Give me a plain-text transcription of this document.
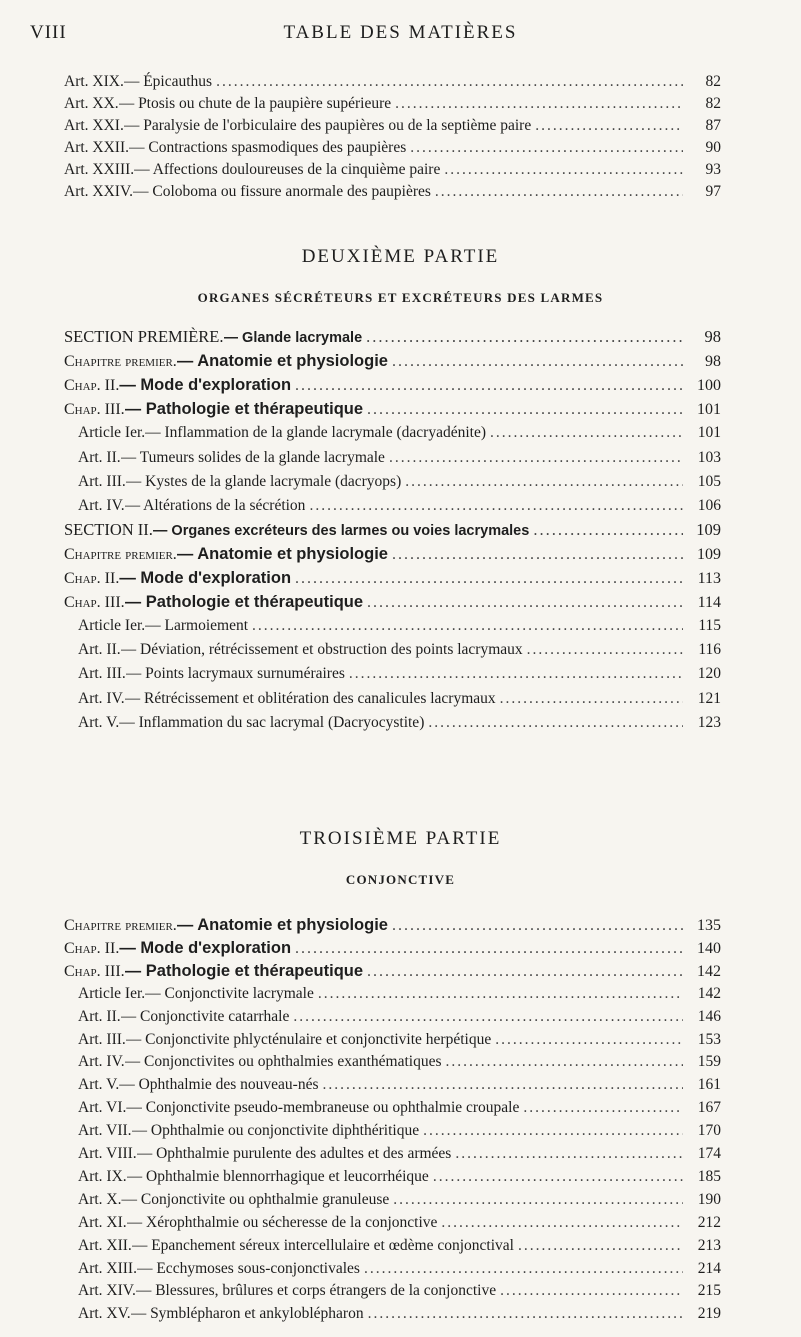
VIII	TABLE DES MATIÈRES
Art. XIX. — Épicauthus .....	82
Art. XX. — Ptosis ou chute de la paupière supérieure .....	82
Art. XXI. — Paralysie de l'orbiculaire des paupières ou de la septième paire .....	87
Art. XXII. — Contractions spasmodiques des paupières .....	90
Art. XXIII. — Affections douloureuses de la cinquième paire .....	93
Art. XXIV. — Coloboma ou fissure anormale des paupières .....	97
DEUXIÈME PARTIE
ORGANES SÉCRÉTEURS ET EXCRÉTEURS DES LARMES
SECTION PREMIÈRE. — Glande lacrymale .....	98
Chapitre premier. — Anatomie et physiologie .....	98
Chap. II. — Mode d'exploration .....	100
Chap. III. — Pathologie et thérapeutique .....	101
Article Ier. — Inflammation de la glande lacrymale (dacryadénite) .....	101
Art. II. — Tumeurs solides de la glande lacrymale .....	103
Art. III. — Kystes de la glande lacrymale (dacryops) .....	105
Art. IV. — Altérations de la sécrétion .....	106
SECTION II. — Organes excréteurs des larmes ou voies lacrymales .....	109
Chapitre premier. — Anatomie et physiologie .....	109
Chap. II. — Mode d'exploration .....	113
Chap. III. — Pathologie et thérapeutique .....	114
Article Ier. — Larmoiement .....	115
Art. II. — Déviation, rétrécissement et obstruction des points lacrymaux .....	116
Art. III. — Points lacrymaux surnuméraires .....	120
Art. IV. — Rétrécissement et oblitération des canalicules lacrymaux .....	121
Art. V. — Inflammation du sac lacrymal (Dacryocystite) .....	123
TROISIÈME PARTIE
CONJONCTIVE
Chapitre premier. — Anatomie et physiologie .....	135
Chap. II. — Mode d'exploration .....	140
Chap. III. — Pathologie et thérapeutique .....	142
Article Ier. — Conjonctivite lacrymale .....	142
Art. II. — Conjonctivite catarrhale .....	146
Art. III. — Conjonctivite phlycténulaire et conjonctivite herpétique .....	153
Art. IV. — Conjonctivites ou ophthalmies exanthématiques .....	159
Art. V. — Ophthalmie des nouveau-nés .....	161
Art. VI. — Conjonctivite pseudo-membraneuse ou ophthalmie croupale .....	167
Art. VII. — Ophthalmie ou conjonctivite diphthéritique .....	170
Art. VIII. — Ophthalmie purulente des adultes et des armées .....	174
Art. IX. — Ophthalmie blennorrhagique et leucorrhéique .....	185
Art. X. — Conjonctivite ou ophthalmie granuleuse .....	190
Art. XI. — Xérophthalmie ou sécheresse de la conjonctive .....	212
Art. XII. — Epanchement séreux intercellulaire et œdème conjonctival .....	213
Art. XIII. — Ecchymoses sous-conjonctivales .....	214
Art. XIV. — Blessures, brûlures et corps étrangers de la conjonctive .....	215
Art. XV. — Symblépharon et ankyloblépharon .....	219
